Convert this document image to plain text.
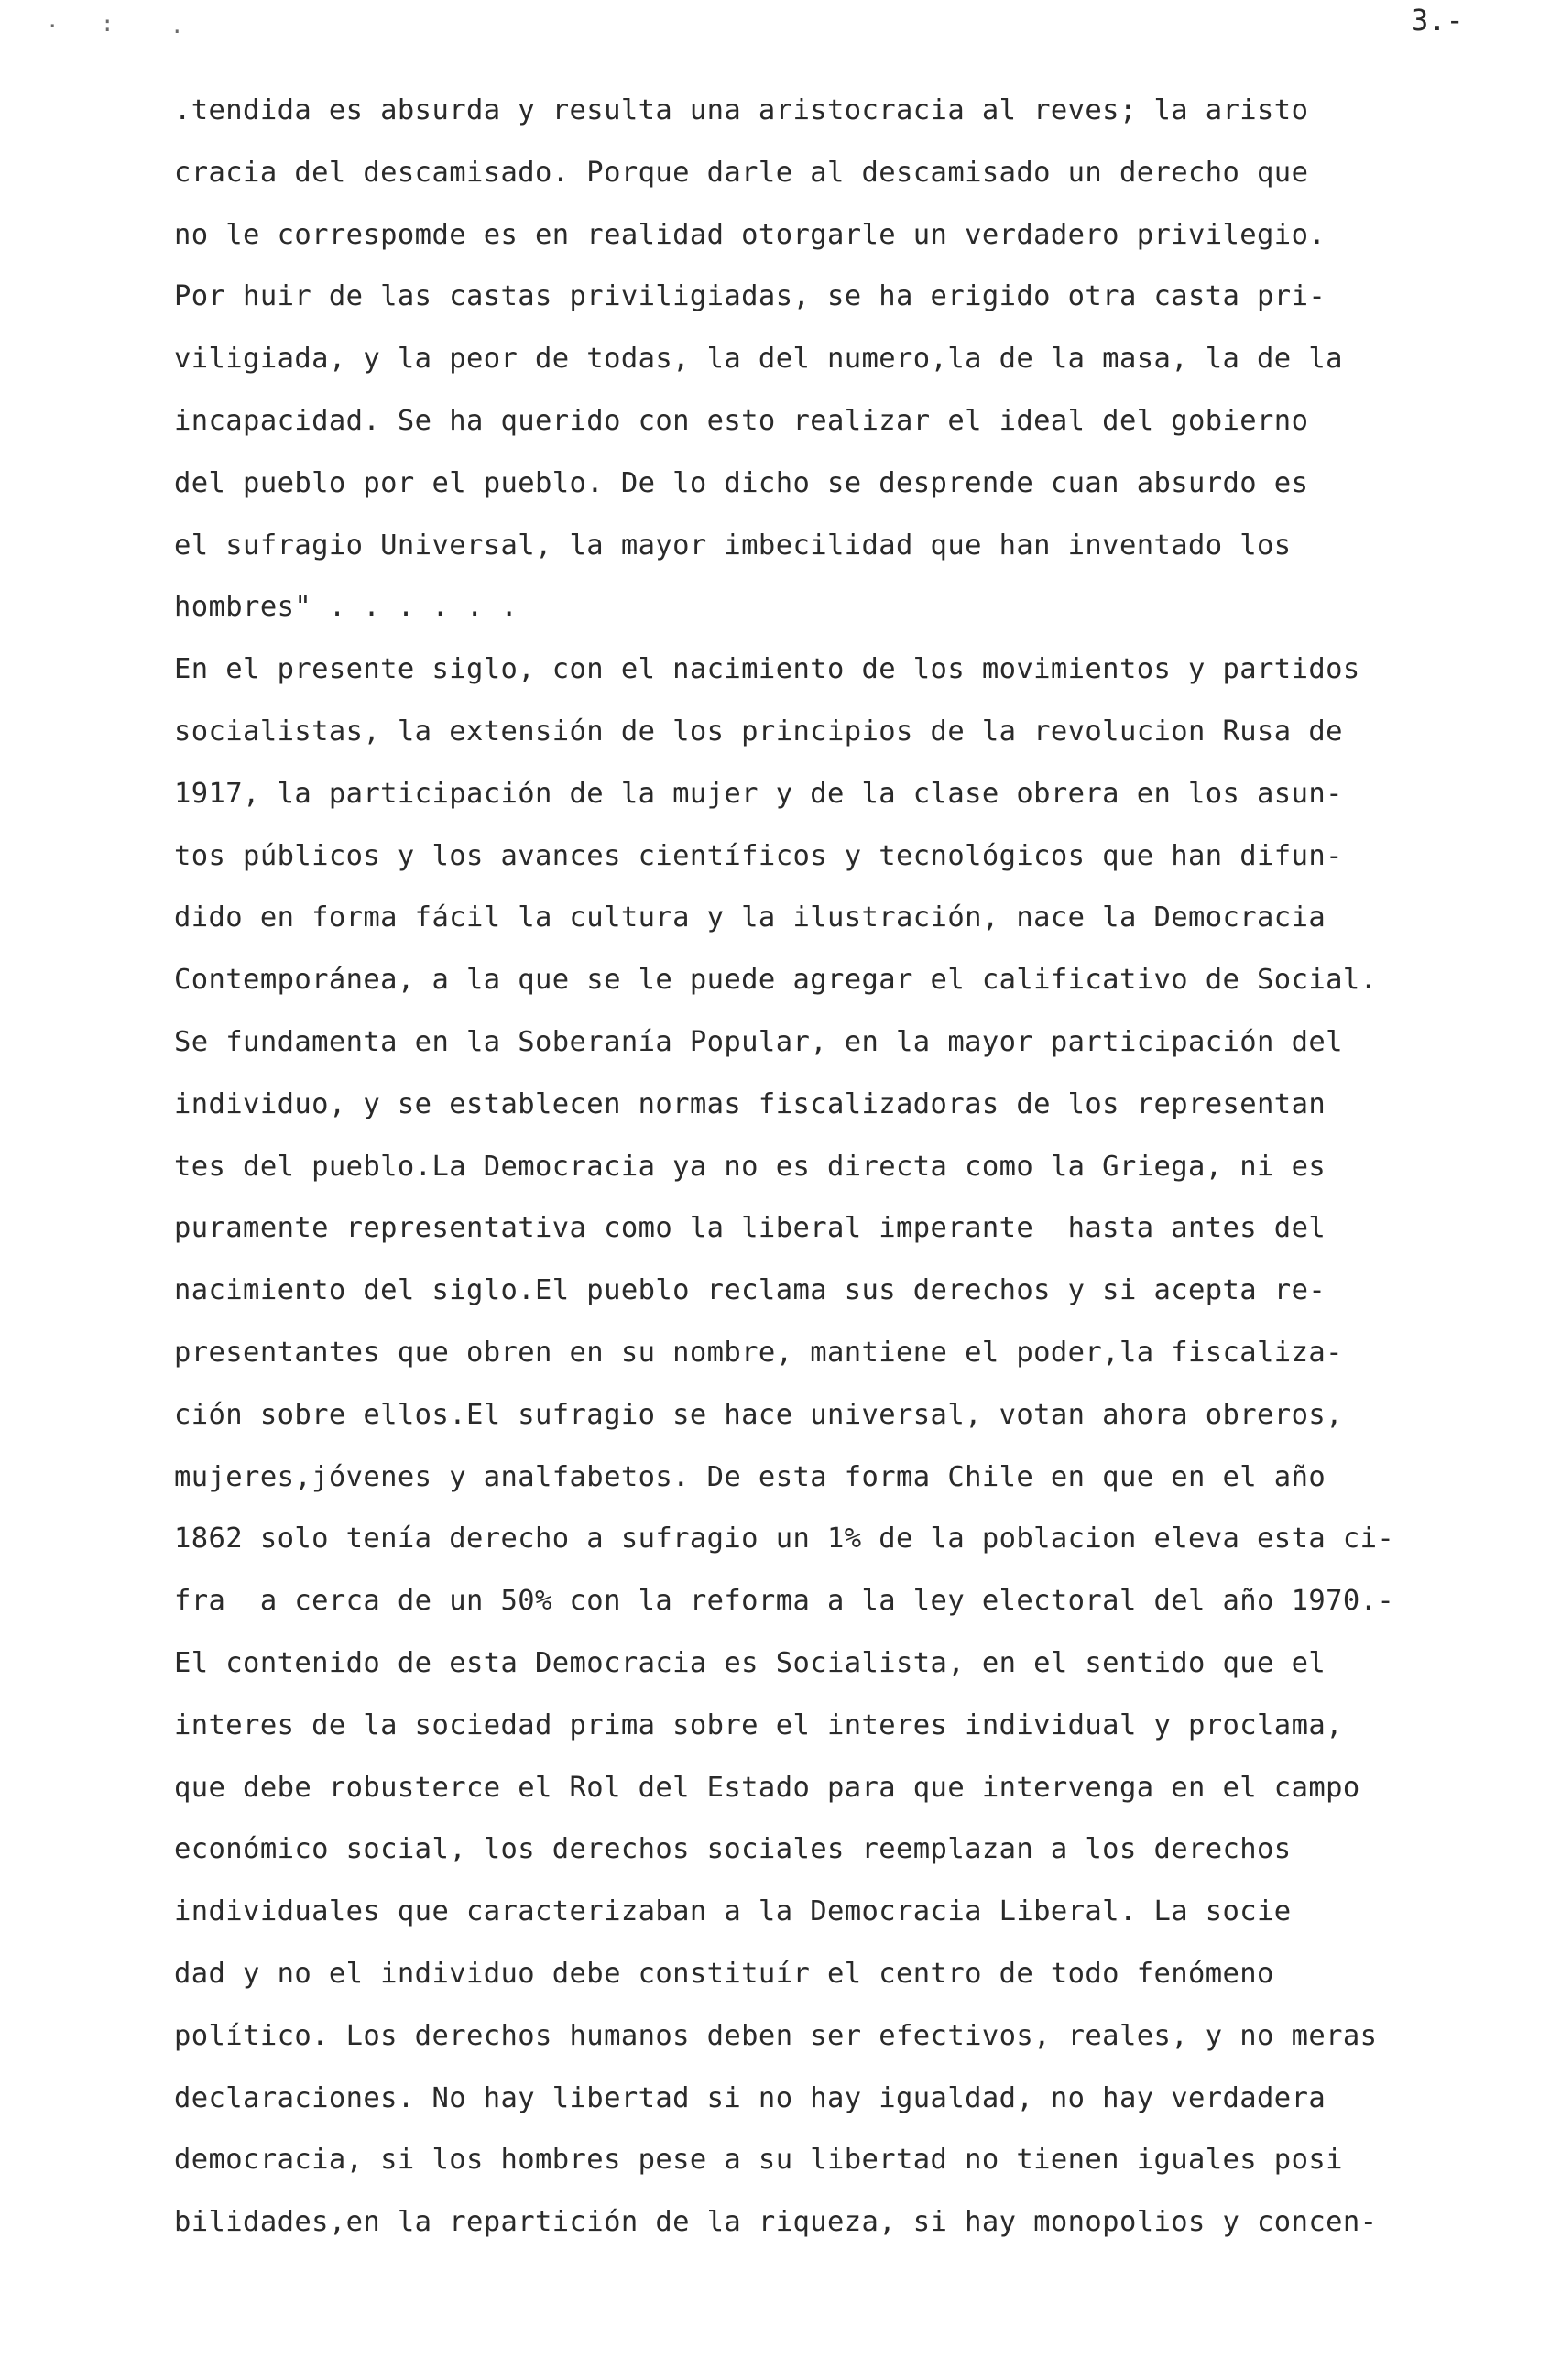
3.-
. :	.
.tendida es absurda y resulta una aristocracia al reves; la aristo
cracia del descamisado. Porque darle al descamisado un derecho que
no le correspomde es en realidad otorgarle un verdadero privilegio.
Por huir de las castas priviligiadas, se ha erigido otra casta pri-
viligiada, y la peor de todas, la del numero,la de la masa, la de la
incapacidad. Se ha querido con esto realizar el ideal del gobierno
del pueblo por el pueblo. De lo dicho se desprende cuan absurdo es
el sufragio Universal, la mayor imbecilidad que han inventado los
hombres" . . . . . .
En el presente siglo, con el nacimiento de los movimientos y partidos
socialistas, la extensión de los principios de la revolucion Rusa de
1917, la participación de la mujer y de la clase obrera en los asun-
tos públicos y los avances científicos y tecnológicos que han difun-
dido en forma fácil la cultura y la ilustración, nace la Democracia
Contemporánea, a la que se le puede agregar el calificativo de Social.
Se fundamenta en la Soberanía Popular, en la mayor participación del
individuo, y se establecen normas fiscalizadoras de los representan
tes del pueblo.La Democracia ya no es directa como la Griega, ni es
puramente representativa como la liberal imperante  hasta antes del
nacimiento del siglo.El pueblo reclama sus derechos y si acepta re-
presentantes que obren en su nombre, mantiene el poder,la fiscaliza-
ción sobre ellos.El sufragio se hace universal, votan ahora obreros,
mujeres,jóvenes y analfabetos. De esta forma Chile en que en el año
1862 solo tenía derecho a sufragio un 1% de la poblacion eleva esta ci-
fra  a cerca de un 50% con la reforma a la ley electoral del año 1970.-
El contenido de esta Democracia es Socialista, en el sentido que el
interes de la sociedad prima sobre el interes individual y proclama,
que debe robusterce el Rol del Estado para que intervenga en el campo
económico social, los derechos sociales reemplazan a los derechos
individuales que caracterizaban a la Democracia Liberal. La socie
dad y no el individuo debe constituír el centro de todo fenómeno
político. Los derechos humanos deben ser efectivos, reales, y no meras
declaraciones. No hay libertad si no hay igualdad, no hay verdadera
democracia, si los hombres pese a su libertad no tienen iguales posi
bilidades,en la repartición de la riqueza, si hay monopolios y concen-
